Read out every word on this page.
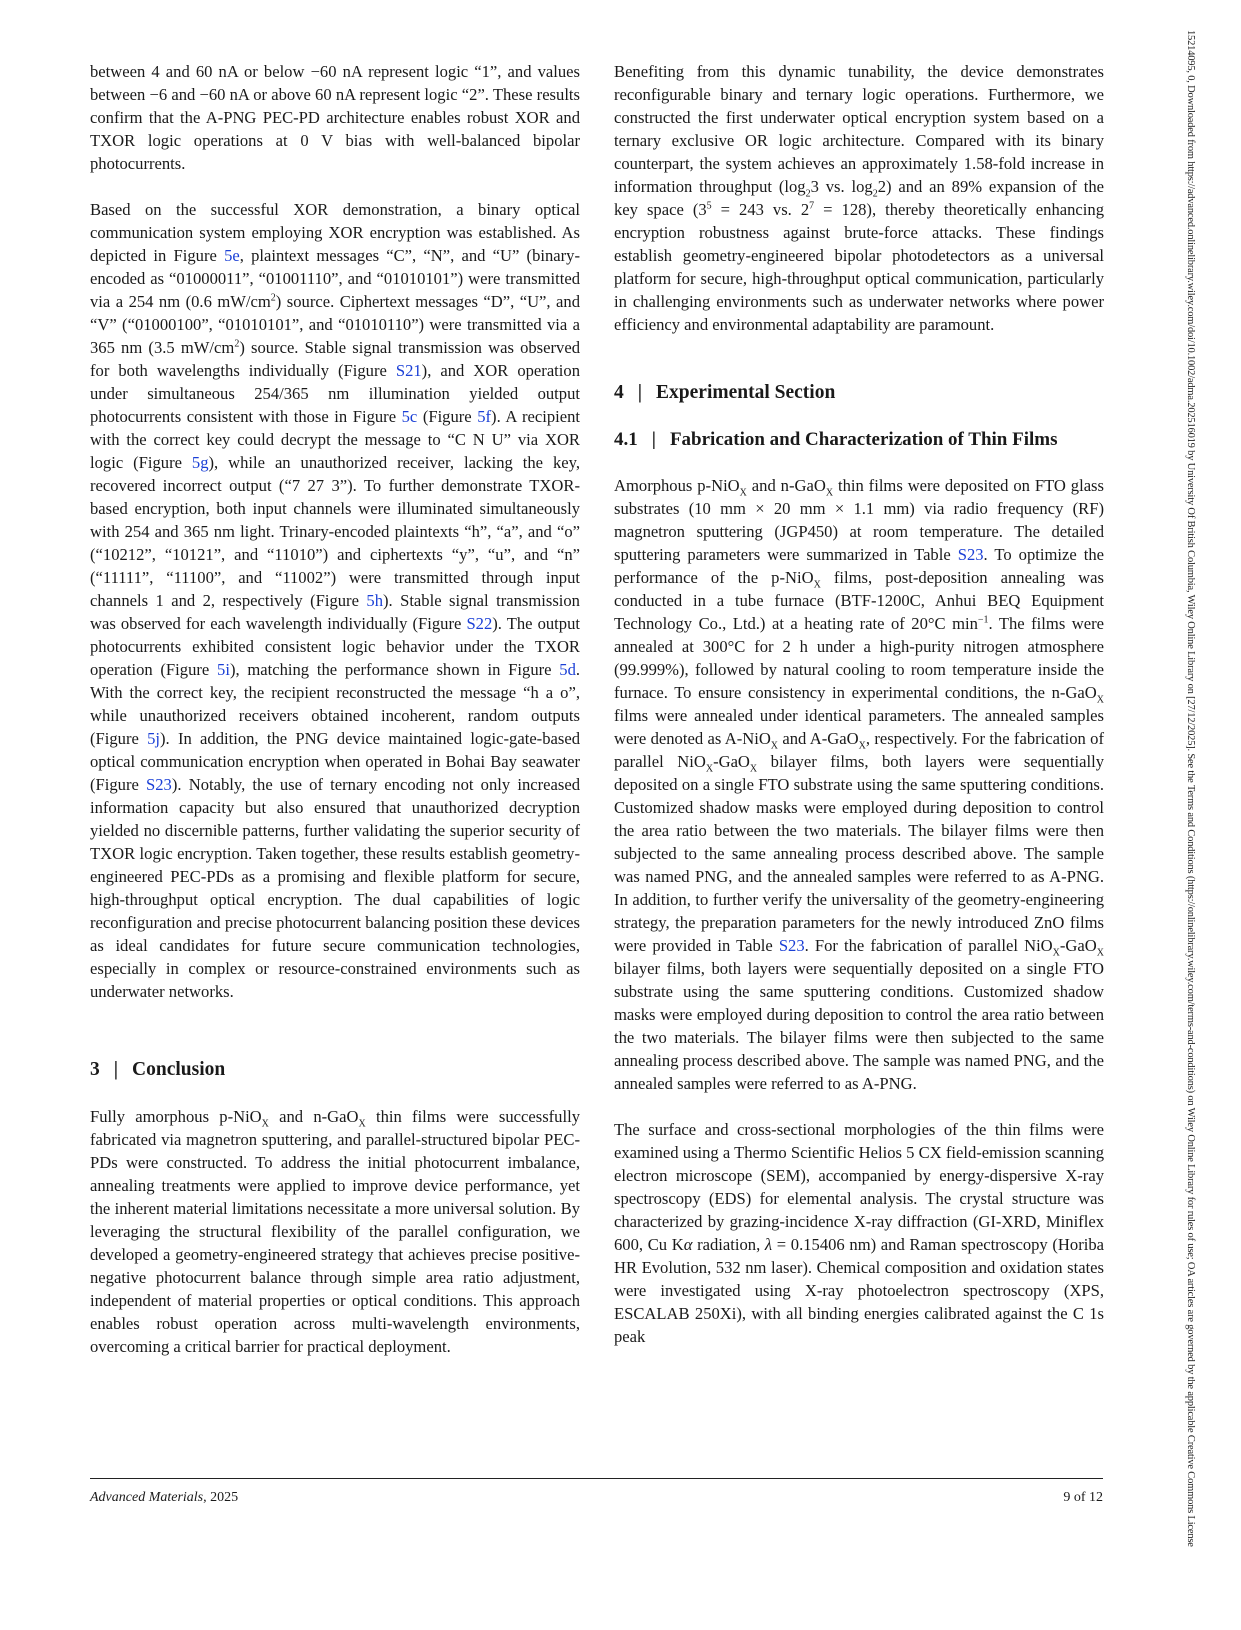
between 4 and 60 nA or below −60 nA represent logic “1”, and values between −6 and −60 nA or above 60 nA represent logic “2”. These results confirm that the A-PNG PEC-PD architecture enables robust XOR and TXOR logic operations at 0 V bias with well-balanced bipolar photocurrents.

Based on the successful XOR demonstration, a binary optical communication system employing XOR encryption was established. As depicted in Figure 5e, plaintext messages “C”, “N”, and “U” (binary-encoded as “01000011”, “01001110”, and “01010101”) were transmitted via a 254 nm (0.6 $mW/cm^2$) source. Ciphertext messages “D”, “U”, and “V” (“01000100”, “01010101”, and “01010110”) were transmitted via a 365 nm (3.5 $mW/cm^2$) source. Stable signal transmission was observed for both wavelengths individually (Figure S21), and XOR operation under simultaneous 254/365 nm illumination yielded output photocurrents consistent with those in Figure 5c (Figure 5f). A recipient with the correct key could decrypt the message to “C N U” via XOR logic (Figure 5g), while an unauthorized receiver, lacking the key, recovered incorrect output (“7 27 3”). To further demonstrate TXOR-based encryption, both input channels were illuminated simultaneously with 254 and 365 nm light. Trinary-encoded plaintexts “h”, “a”, and “o” (“10212”, “10121”, and “11010”) and ciphertexts “y”, “u”, and “n” (“11111”, “11100”, and “11002”) were transmitted through input channels 1 and 2, respectively (Figure 5h). Stable signal transmission was observed for each wavelength individually (Figure S22). The output photocurrents exhibited consistent logic behavior under the TXOR operation (Figure 5i), matching the performance shown in Figure 5d. With the correct key, the recipient reconstructed the message “h a o”, while unauthorized receivers obtained incoherent, random outputs (Figure 5j). In addition, the PNG device maintained logic-gate-based optical communication encryption when operated in Bohai Bay seawater (Figure S23). Notably, the use of ternary encoding not only increased information capacity but also ensured that unauthorized decryption yielded no discernible patterns, further validating the superior security of TXOR logic encryption. Taken together, these results establish geometry-engineered PEC-PDs as a promising and flexible platform for secure, high-throughput optical encryption. The dual capabilities of logic reconfiguration and precise photocurrent balancing position these devices as ideal candidates for future secure communication technologies, especially in complex or resource-constrained environments such as underwater networks.

3 | Conclusion

Fully amorphous p-NiO$_X$ and n-GaO$_X$ thin films were successfully fabricated via magnetron sputtering, and parallel-structured bipolar PEC-PDs were constructed. To address the initial photocurrent imbalance, annealing treatments were applied to improve device performance, yet the inherent material limitations necessitate a more universal solution. By leveraging the structural flexibility of the parallel configuration, we developed a geometry-engineered strategy that achieves precise positive-negative photocurrent balance through simple area ratio adjustment, independent of material properties or optical conditions. This approach enables robust operation across multi-wavelength environments, overcoming a critical barrier for practical deployment.

Benefiting from this dynamic tunability, the device demonstrates reconfigurable binary and ternary logic operations. Furthermore, we constructed the first underwater optical encryption system based on a ternary exclusive OR logic architecture. Compared with its binary counterpart, the system achieves an approximately 1.58-fold increase in information throughput ($\log_23$ vs. $\log_22$) and an 89% expansion of the key space ($3^5 = 243$ vs. $2^7 = 128$), thereby theoretically enhancing encryption robustness against brute-force attacks. These findings establish geometry-engineered bipolar photodetectors as a universal platform for secure, high-throughput optical communication, particularly in challenging environments such as underwater networks where power efficiency and environmental adaptability are paramount.

4 | Experimental Section
4.1 | Fabrication and Characterization of Thin Films

Amorphous p-NiO$_X$ and n-GaO$_X$ thin films were deposited on FTO glass substrates (10 mm × 20 mm × 1.1 mm) via radio frequency (RF) magnetron sputtering (JGP450) at room temperature. The detailed sputtering parameters were summarized in Table S23. To optimize the performance of the p-NiO$_X$ films, post-deposition annealing was conducted in a tube furnace (BTF-1200C, Anhui BEQ Equipment Technology Co., Ltd.) at a heating rate of 20°C $\min^{-1}$. The films were annealed at 300°C for 2 h under a high-purity nitrogen atmosphere (99.999%), followed by natural cooling to room temperature inside the furnace. To ensure consistency in experimental conditions, the n-GaO$_X$ films were annealed under identical parameters. The annealed samples were denoted as A-NiO$_X$ and A-GaO$_X$, respectively. For the fabrication of parallel NiO$_X$-GaO$_X$ bilayer films, both layers were sequentially deposited on a single FTO substrate using the same sputtering conditions. Customized shadow masks were employed during deposition to control the area ratio between the two materials. The bilayer films were then subjected to the same annealing process described above. The sample was named PNG, and the annealed samples were referred to as A-PNG. In addition, to further verify the universality of the geometry-engineering strategy, the preparation parameters for the newly introduced ZnO films were provided in Table S23. For the fabrication of parallel NiO$_X$-GaO$_X$ bilayer films, both layers were sequentially deposited on a single FTO substrate using the same sputtering conditions. Customized shadow masks were employed during deposition to control the area ratio between the two materials. The bilayer films were then subjected to the same annealing process described above. The sample was named PNG, and the annealed samples were referred to as A-PNG.

The surface and cross-sectional morphologies of the thin films were examined using a Thermo Scientific Helios 5 CX field-emission scanning electron microscope (SEM), accompanied by energy-dispersive X-ray spectroscopy (EDS) for elemental analysis. The crystal structure was characterized by grazing-incidence X-ray diffraction (GI-XRD, Miniflex 600, Cu Kα radiation, λ = 0.15406 nm) and Raman spectroscopy (Horiba HR Evolution, 532 nm laser). Chemical composition and oxidation states were investigated using X-ray photoelectron spectroscopy (XPS, ESCALAB 250Xi), with all binding energies calibrated against the C 1s peak

Advanced Materials, 2025	9 of 12	15214095, 0, Downloaded from https://advanced.onlinelibrary.wiley.com/doi/10.1002/adma.202516019 by University Of British Columbia, Wiley Online Library on [27/12/2025]. See the Terms and Conditions (https://onlinelibrary.wiley.com/terms-and-conditions) on Wiley Online Library for rules of use; OA articles are governed by the applicable Creative Commons License
